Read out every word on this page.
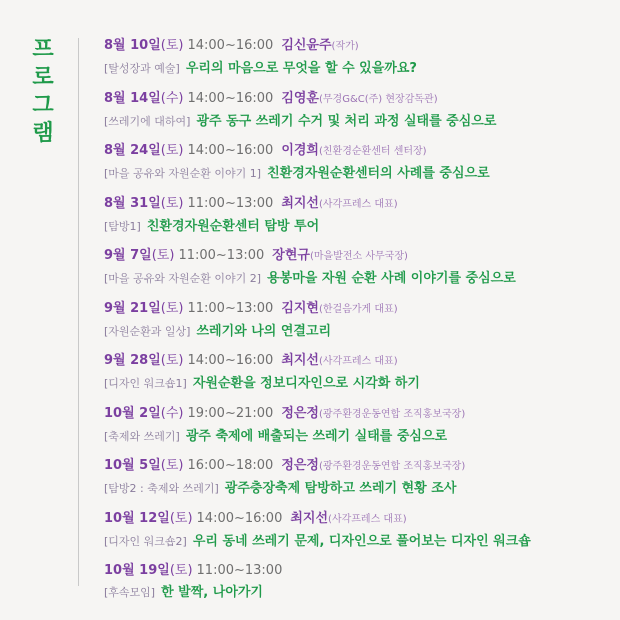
프
로
그
램
8월 10일(토) 14:00~16:00 김신윤주(작가)
[탈성장과 예술] 우리의 마음으로 무엇을 할 수 있을까요?
8월 14일(수) 14:00~16:00 김영훈(무경G&C(주) 현장감독관)
[쓰레기에 대하여] 광주 동구 쓰레기 수거 및 처리 과정 실태를 중심으로
8월 24일(토) 14:00~16:00 이경희(친환경순환센터 센터장)
[마을 공유와 자원순환 이야기 1] 친환경자원순환센터의 사례를 중심으로
8월 31일(토) 11:00~13:00 최지선(사각프레스 대표)
[탐방1] 친환경자원순환센터 탐방 투어
9월 7일(토) 11:00~13:00 장현규(마을발전소 사무국장)
[마을 공유와 자원순환 이야기 2] 용봉마을 자원 순환 사례 이야기를 중심으로
9월 21일(토) 11:00~13:00 김지현(한걸음가게 대표)
[자원순환과 일상] 쓰레기와 나의 연결고리
9월 28일(토) 14:00~16:00 최지선(사각프레스 대표)
[디자인 워크숍1] 자원순환을 정보디자인으로 시각화 하기
10월 2일(수) 19:00~21:00 정은정(광주환경운동연합 조직홍보국장)
[축제와 쓰레기] 광주 축제에 배출되는 쓰레기 실태를 중심으로
10월 5일(토) 16:00~18:00 정은정(광주환경운동연합 조직홍보국장)
[탐방2 : 축제와 쓰레기] 광주충장축제 탐방하고 쓰레기 현황 조사
10월 12일(토) 14:00~16:00 최지선(사각프레스 대표)
[디자인 워크숍2] 우리 동네 쓰레기 문제, 디자인으로 풀어보는 디자인 워크숍
10월 19일(토) 11:00~13:00
[후속모임] 한 발짝, 나아가기
